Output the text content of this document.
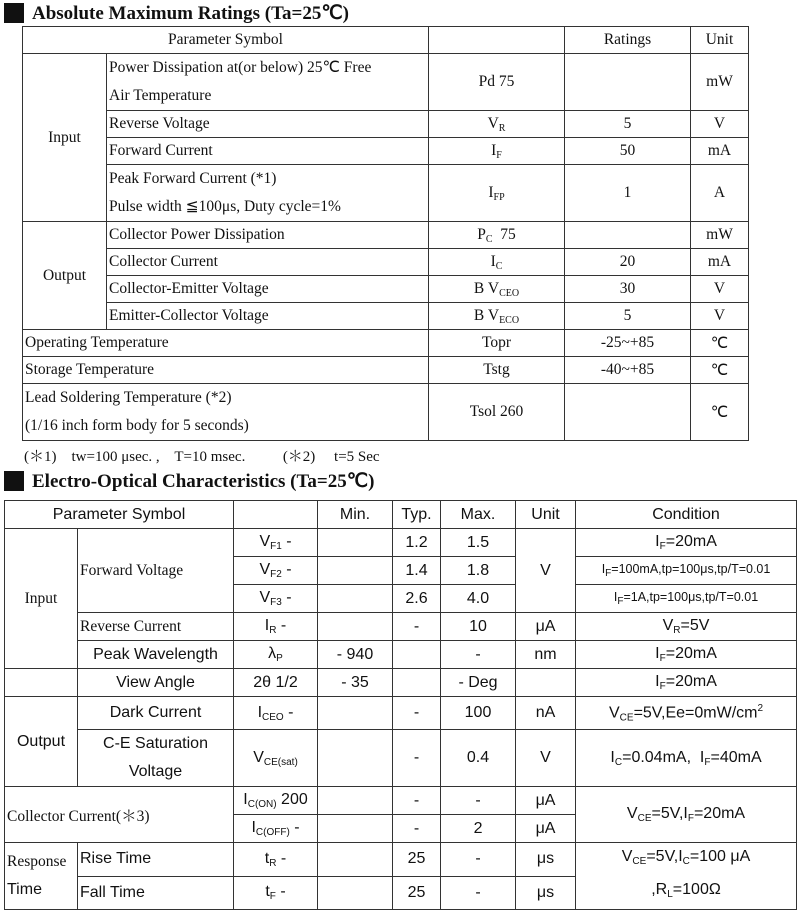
Absolute Maximum Ratings (Ta=25℃)
Parameter Symbol			Ratings	Unit
Input	Power Dissipation at(or below) 25℃ Free
Air Temperature	Pd 75		mW
	Reverse Voltage	$V_R$	5	V
	Forward Current	$I_F$	50	mA
	Peak Forward Current (*1)
Pulse width ≦100μs, Duty cycle=1%	$I_{FP}$	1	A
Output	Collector Power Dissipation	$P_C$  75		mW
	Collector Current	$I_C$	20	mA
	Collector-Emitter Voltage	B $V_{CEO}$	30	V
	Emitter-Collector Voltage	B $V_{ECO}$	5	V
Operating Temperature		Topr	-25~+85	℃
Storage Temperature		Tstg	-40~+85	℃
Lead Soldering Temperature (*2)
(1/16 inch form body for 5 seconds)		Tsol 260		℃
(＊1)    tw=100 μsec. ,    T=10 msec.          (＊2)     t=5 Sec
Electro-Optical Characteristics (Ta=25℃)
Parameter Symbol			Min.	Typ.	Max.	Unit	Condition
Input	Forward Voltage	$V_{F1}$ -		1.2	1.5	V	$I_F=20mA$
		$V_{F2}$ -		1.4	1.8		$I_F=100mA,tp=100\mu s,tp/T=0.01$
		$V_{F3}$ -		2.6	4.0		$I_F=1A,tp=100\mu s,tp/T=0.01$
	Reverse Current	$I_R$ -		-	10	μA	$V_R=5V$
	Peak Wavelength	$\lambda_P$	- 940		-	nm	$I_F=20mA$
	View Angle	2θ 1/2	- 35		- Deg		$I_F=20mA$
Output	Dark Current	$I_{CEO}$ -		-	100	nA	$V_{CE}=5V,Ee=0mW/cm^2$
	C-E Saturation
Voltage	$V_{CE(sat)}$		-	0.4	V	$I_C=0.04mA$,  $I_F=40mA$
Collector Current(＊3)		$I_{C(ON)}$ 200		-	-	μA	$V_{CE}=5V,I_F=20mA$
		$I_{C(OFF)}$ -		-	2	μA	
Response
Time	Rise Time	$t_R$ -		25	-	μs	$V_{CE}=5V,I_C=100$ μA
$,R_L=100\Omega$
	Fall Time	$t_F$ -		25	-	μs	
